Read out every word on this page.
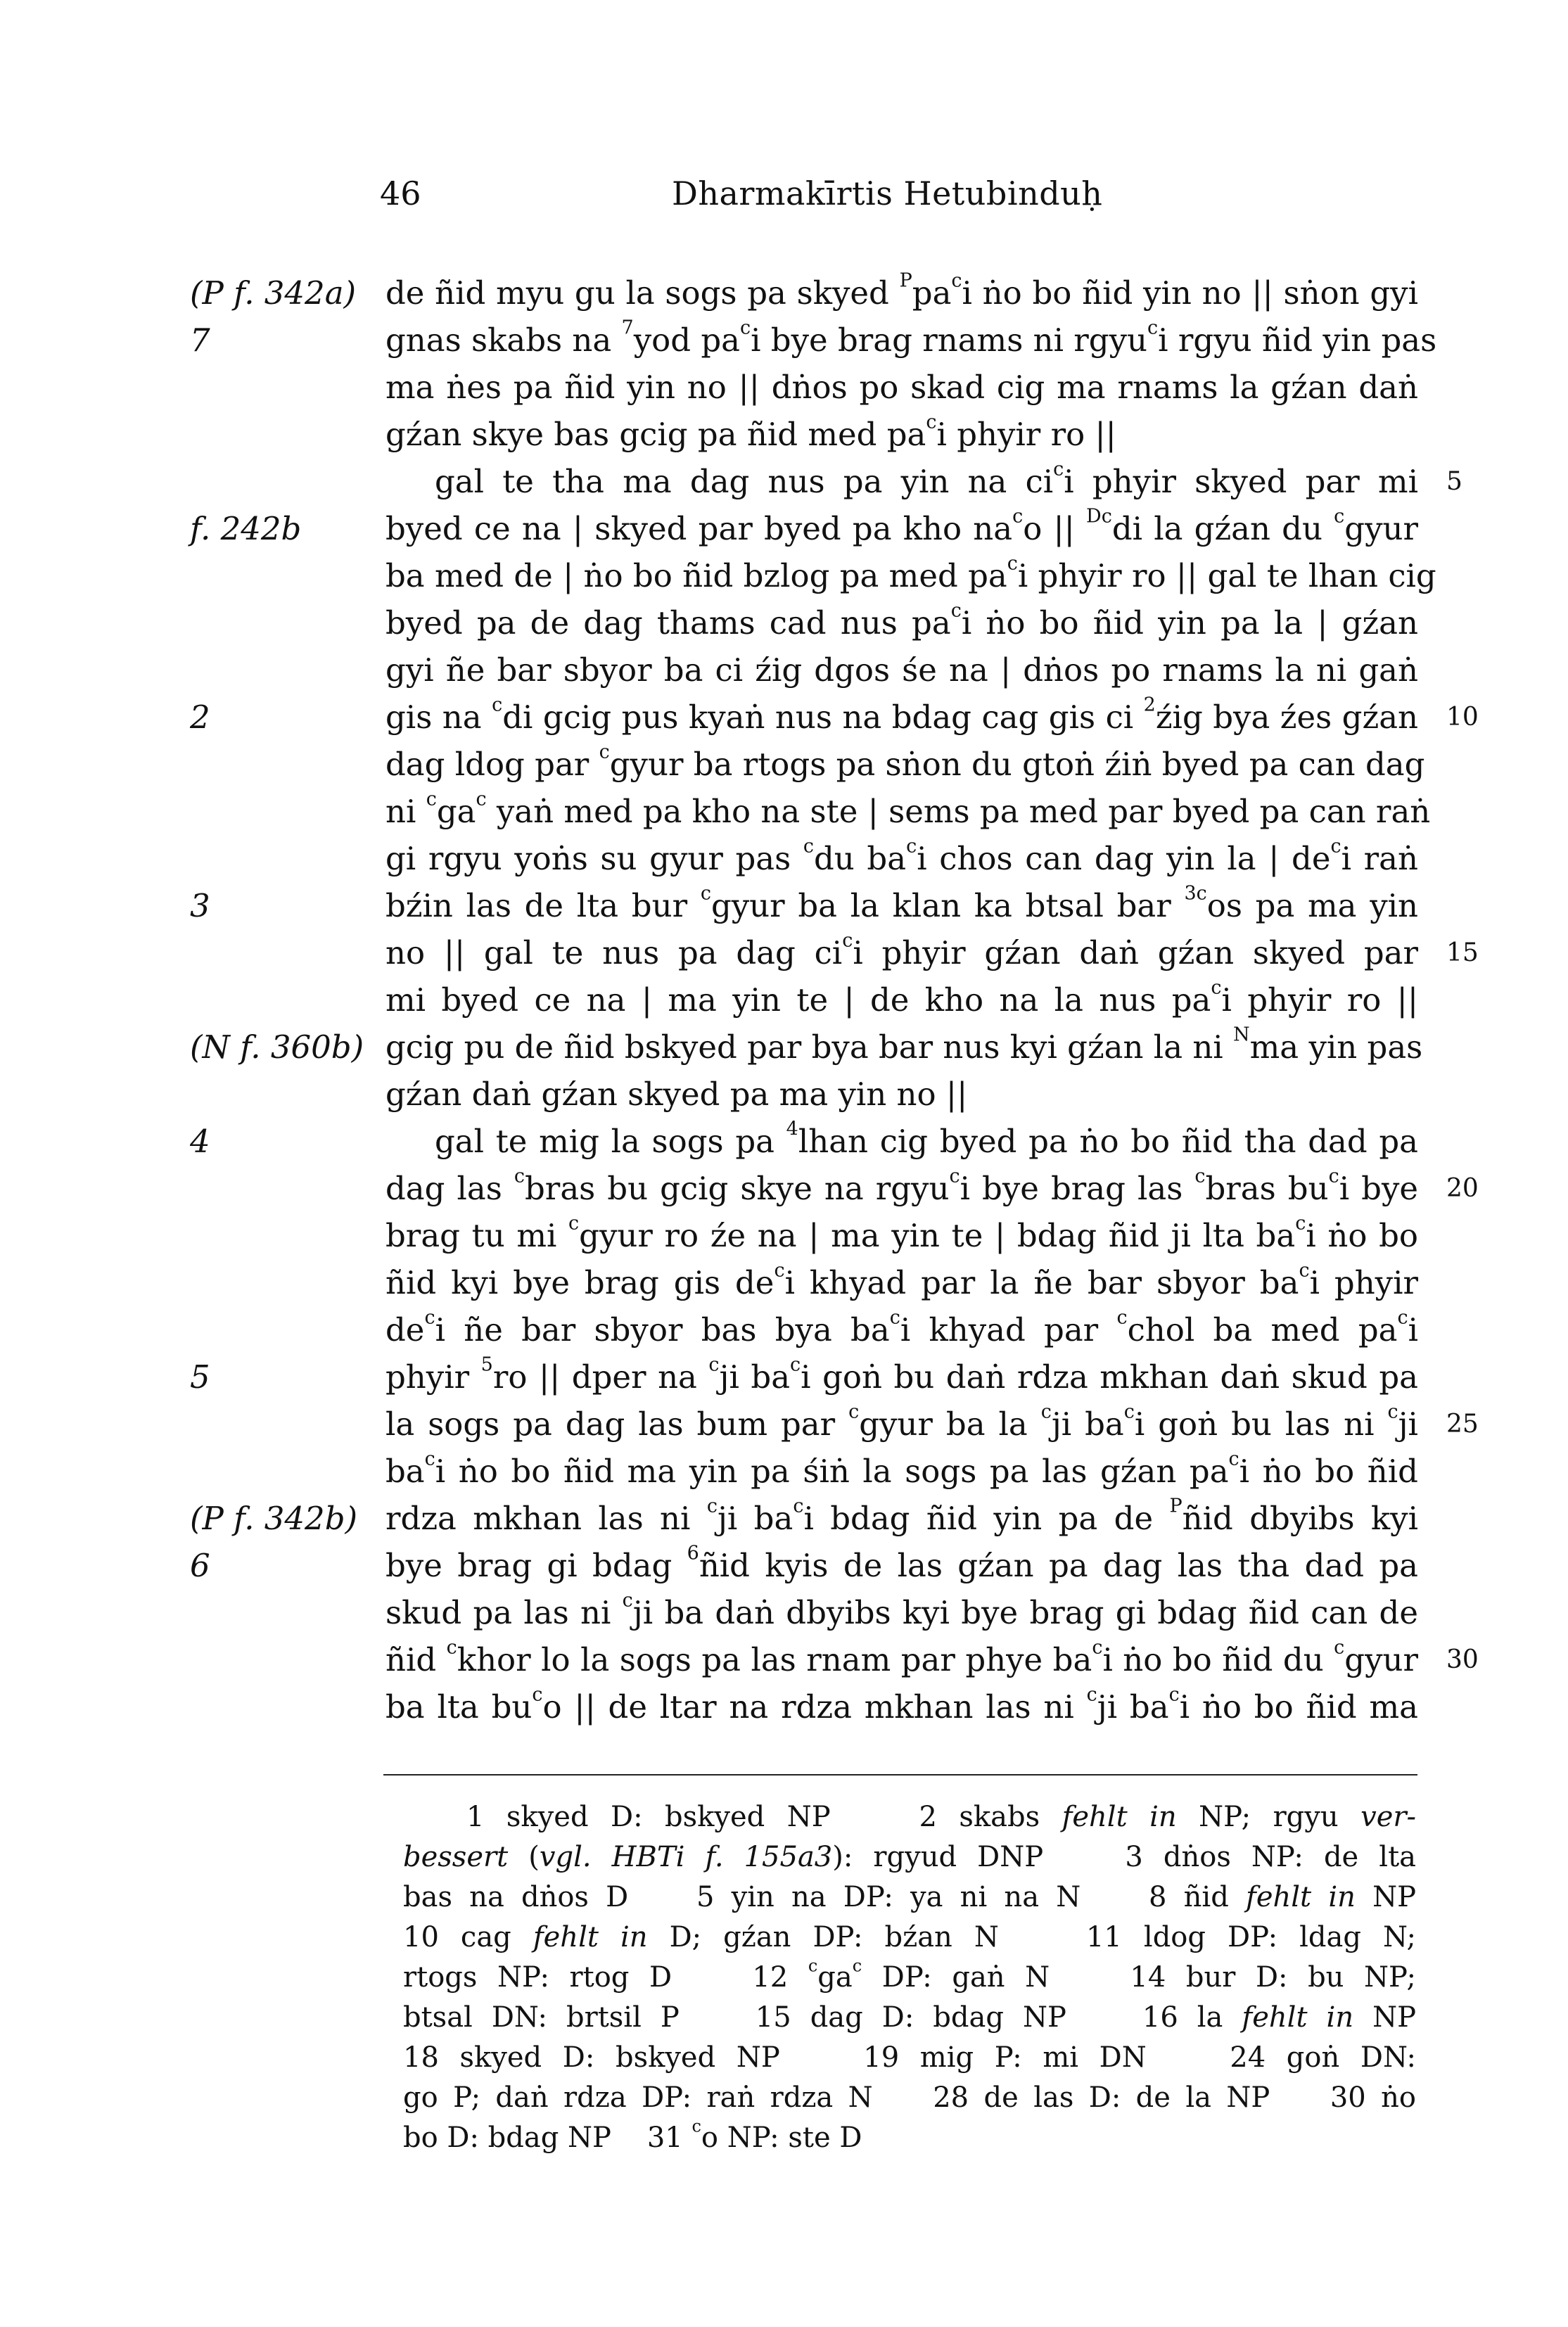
46	Dharmakīrtis Hetubinduḥ
de ñid myu gu la sogs pa skyed $^Ppa^ci$ ṅo bo ñid yin no || sṅon gyi
gnas skabs na $^7$yod $pa^ci$ bye brag rnams ni rgyu$^c$i rgyu ñid yin pas
ma ṅes pa ñid yin no || dṅos po skad cig ma rnams la gźan daṅ
gźan skye bas gcig pa ñid med $pa^ci$ phyir ro ||
gal te tha ma dag nus pa yin na $ci^ci$ phyir skyed par mi
byed ce na | skyed par byed pa kho $na^co$ || $^{Dc}$di la gźan du $^c$gyur
ba med de | ṅo bo ñid bzlog pa med $pa^ci$ phyir ro || gal te lhan cig
byed pa de dag thams cad nus $pa^ci$ ṅo bo ñid yin pa la | gźan
gyi ñe bar sbyor ba ci źig dgos śe na | dṅos po rnams la ni gaṅ
gis na $^c$di gcig pus kyaṅ nus na bdag cag gis ci $^2$źig bya źes gźan
dag ldog par $^c$gyur ba rtogs pa sṅon du gtoṅ źiṅ byed pa can dag
ni $^cga^c$ yaṅ med pa kho na ste | sems pa med par byed pa can raṅ
gi rgyu yoṅs su gyur pas $^c$du $ba^ci$ chos can dag yin la | $de^ci$ raṅ
bźin las de lta bur $^c$gyur ba la klan ka btsal bar $^{3c}$os pa ma yin
no || gal te nus pa dag $ci^ci$ phyir gźan daṅ gźan skyed par
mi byed ce na | ma yin te | de kho na la nus $pa^ci$ phyir ro ||
gcig pu de ñid bskyed par bya bar nus kyi gźan la ni $^N$ma yin pas
gźan daṅ gźan skyed pa ma yin no ||
gal te mig la sogs pa $^4$lhan cig byed pa ṅo bo ñid tha dad pa
dag las $^c$bras bu gcig skye na rgyu$^c$i bye brag las $^c$bras $bu^ci$ bye
brag tu mi $^c$gyur ro źe na | ma yin te | bdag ñid ji lta $ba^ci$ ṅo bo
ñid kyi bye brag gis $de^ci$ khyad par la ñe bar sbyor $ba^ci$ phyir
$de^ci$ ñe bar sbyor bas bya $ba^ci$ khyad par $^c$chol ba med $pa^ci$
phyir $^5$ro || dper na $^c$ji $ba^ci$ goṅ bu daṅ rdza mkhan daṅ skud pa
la sogs pa dag las bum par $^c$gyur ba la $^c$ji $ba^ci$ goṅ bu las ni $^c$ji
$ba^ci$ ṅo bo ñid ma yin pa śiṅ la sogs pa las gźan $pa^ci$ ṅo bo ñid
rdza mkhan las ni $^c$ji $ba^ci$ bdag ñid yin pa de $^P$ñid dbyibs kyi
bye brag gi bdag $^6$ñid kyis de las gźan pa dag las tha dad pa
skud pa las ni $^c$ji ba daṅ dbyibs kyi bye brag gi bdag ñid can de
ñid $^c$khor lo la sogs pa las rnam par phye $ba^ci$ ṅo bo ñid du $^c$gyur
ba lta $bu^co$ || de ltar na rdza mkhan las ni $^c$ji $ba^ci$ ṅo bo ñid ma
(P f. 342a)
7
f. 242b
2
3
(N f. 360b)
4
5
(P f. 342b)
6
5
10
15
20
25
30
1 skyed D: bskyed NP    2 skabs fehlt in NP; rgyu ver-
bessert (vgl. HBTi f. 155a3): rgyud DNP    3 dṅos NP: de lta
bas na dṅos D    5 yin na DP: ya ni na N    8 ñid fehlt in NP
10 cag fehlt in D; gźan DP: bźan N    11 ldog DP: ldag N;
rtogs NP: rtog D    12 $^cga^c$ DP: gaṅ N    14 bur D: bu NP;
btsal DN: brtsil P    15 dag D: bdag NP    16 la fehlt in NP
18 skyed D: bskyed NP    19 mig P: mi DN    24 goṅ DN:
go P; daṅ rdza DP: raṅ rdza N    28 de las D: de la NP    30 ṅo
bo D: bdag NP    31 $^c$o NP: ste D
